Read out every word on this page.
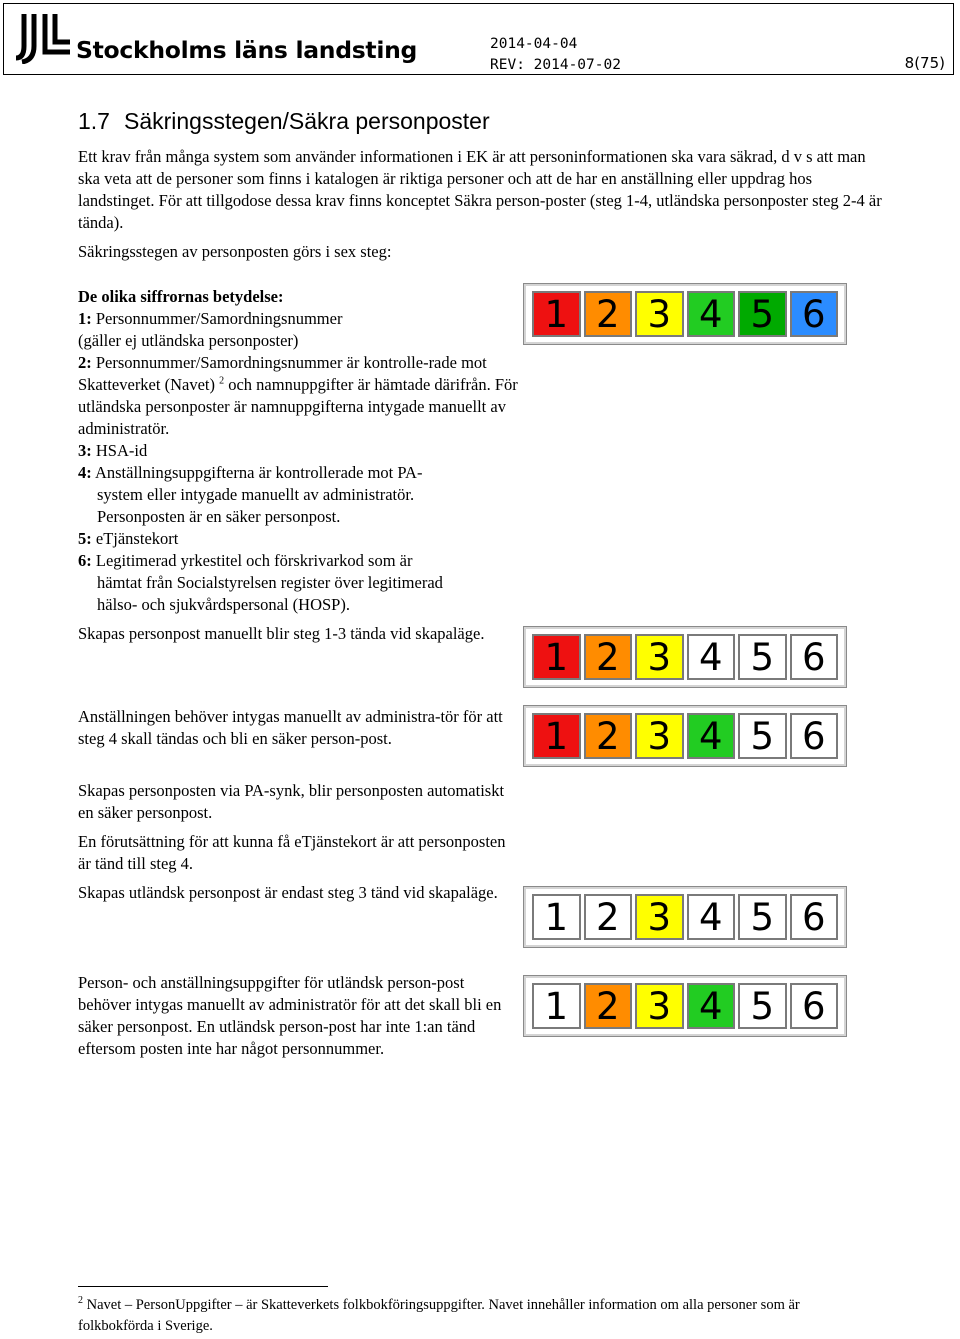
Stockholms läns landsting	2014-04-04
REV: 2014-07-02	8(75)
1.7 Säkringsstegen/Säkra personposter

Ett krav från många system som använder informationen i EK är att personinformationen ska vara säkrad, d v s att man ska veta att de personer som finns i katalogen är riktiga personer och att de har en anställning eller uppdrag hos landstinget. För att tillgodose dessa krav finns konceptet Säkra person-poster (steg 1-4, utländska personposter steg 2-4 är tända).

Säkringsstegen av personposten görs i sex steg:

De olika siffrornas betydelse:
1: Personnummer/Samordningsnummer
(gäller ej utländska personposter)
2: Personnummer/Samordningsnummer är kontrolle-rade mot Skatteverket (Navet) $^2$ och namnuppgifter är hämtade därifrån. För utländska personposter är namnuppgifterna intygade manuellt av administratör.
3: HSA-id
4: Anställningsuppgifterna är kontrollerade mot PA-
system eller intygade manuellt av administratör.
Personposten är en säker personpost.
5: eTjänstekort
6: Legitimerad yrkestitel och förskrivarkod som är
hämtat från Socialstyrelsen register över legitimerad
hälso- och sjukvårdspersonal (HOSP).

Skapas personpost manuellt blir steg 1-3 tända vid skapaläge.

Anställningen behöver intygas manuellt av administra-tör för att steg 4 skall tändas och bli en säker person-post.

Skapas personposten via PA-synk, blir personposten automatiskt en säker personpost.

En förutsättning för att kunna få eTjänstekort är att personposten är tänd till steg 4.

Skapas utländsk personpost är endast steg 3 tänd vid skapaläge.

Person- och anställningsuppgifter för utländsk person-post behöver intygas manuellt av administratör för att det skall bli en säker personpost. En utländsk person-post har inte 1:an tänd eftersom posten inte har något personnummer.

1 2 3 4 5 6
1 2 3 4 5 6
1 2 3 4 5 6
1 2 3 4 5 6
1 2 3 4 5 6
$^2$ Navet – PersonUppgifter – är Skatteverkets folkbokföringsuppgifter. Navet innehåller information om alla personer som är folkbokförda i Sverige.
